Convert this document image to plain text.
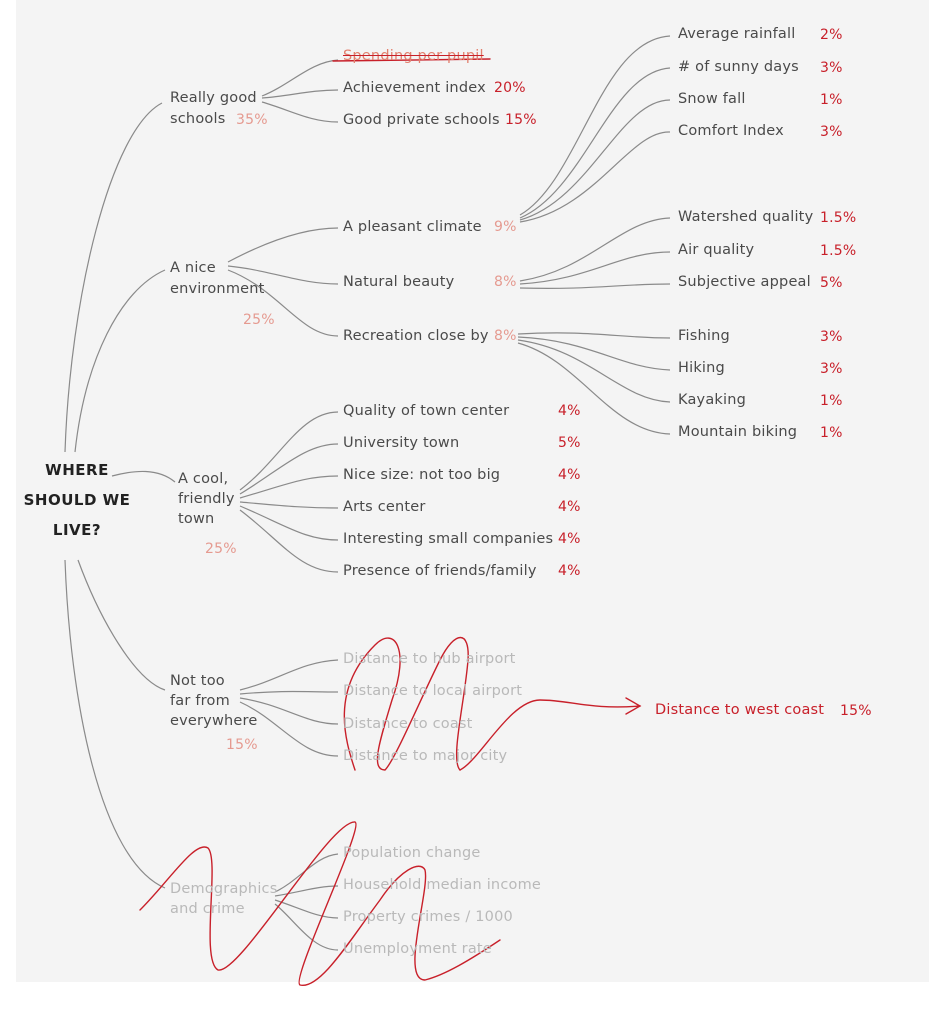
WHERE
SHOULD WE
LIVE?
Really good
schools 35%
Spending per pupil
Achievement index 20%
Good private schools 15%
A nice
environment
25%
A pleasant climate 9%
Natural beauty	8%
Recreation close by 8%
Average rainfall 2%
# of sunny days 3%
Snow fall	1%
Comfort Index	3%
Watershed quality 1.5%
Air quality	1.5%
Subjective appeal 5%
Fishing	3%
Hiking	3%
Kayaking	1%
Mountain biking 1%
A cool,
friendly
town
25%
Quality of town center	4%
University town	5%
Nice size: not too big	4%
Arts center	4%
Interesting small companies 4%
Presence of friends/family 4%
Not too
far from
everywhere
15%
Distance to hub airport
Distance to local airport
Distance to coast
Distance to major city
Distance to west coast 15%
Demographics
and crime
Population change
Household median income
Property crimes / 1000
Unemployment rate
